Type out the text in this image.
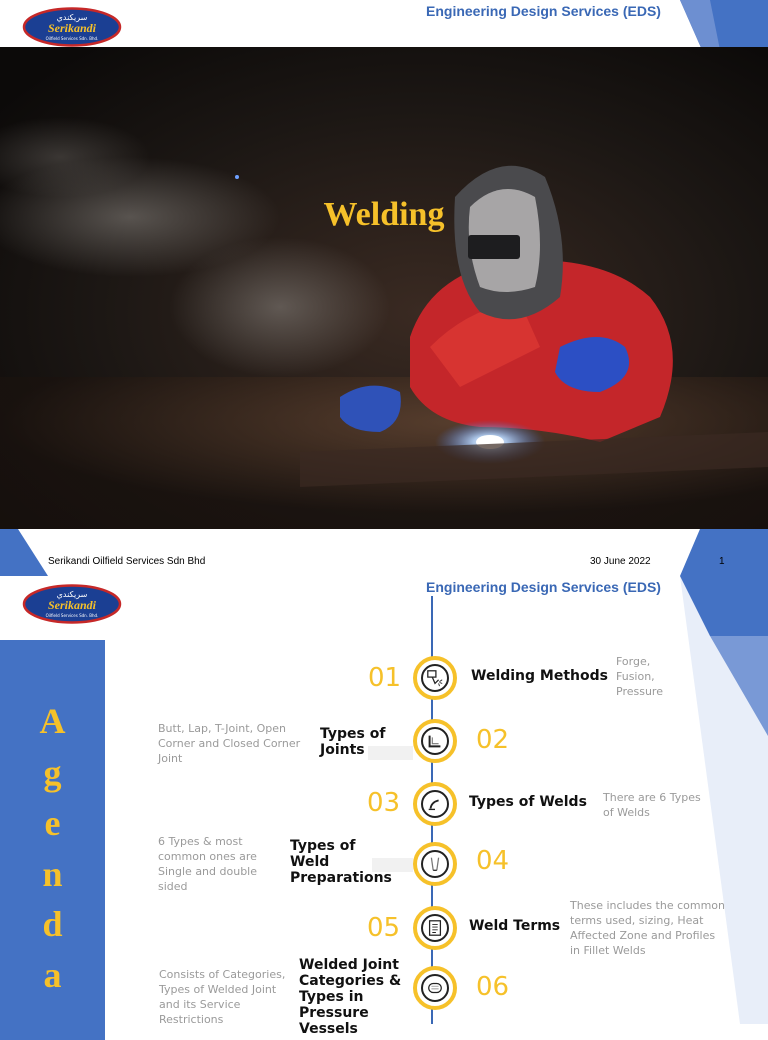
سريكندي
Serikandi
Oilfield Services Sdn. Bhd.
Engineering Design Services (EDS)
Welding
Serikandi Oilfield Services Sdn Bhd	30 June 2022	1
سريكندي
Serikandi
Oilfield Services Sdn. Bhd.
Engineering Design Services (EDS)
A
g
e
n
d
a
01	Welding Methods
Forge,
Fusion,
Pressure
02
Types of
Joints
Butt, Lap, T-Joint, Open
Corner and Closed Corner
Joint
03	Types of Welds There are 6 Types
of Welds
04
Types of
Weld
Preparations
6 Types & most
common ones are
Single and double
sided
05	Weld Terms
These includes the common
terms used, sizing, Heat
Affected Zone and Profiles
in Fillet Welds
06
Welded Joint
Categories &
Types in
Pressure
Vessels
Consists of Categories,
Types of Welded Joint
and its Service
Restrictions
